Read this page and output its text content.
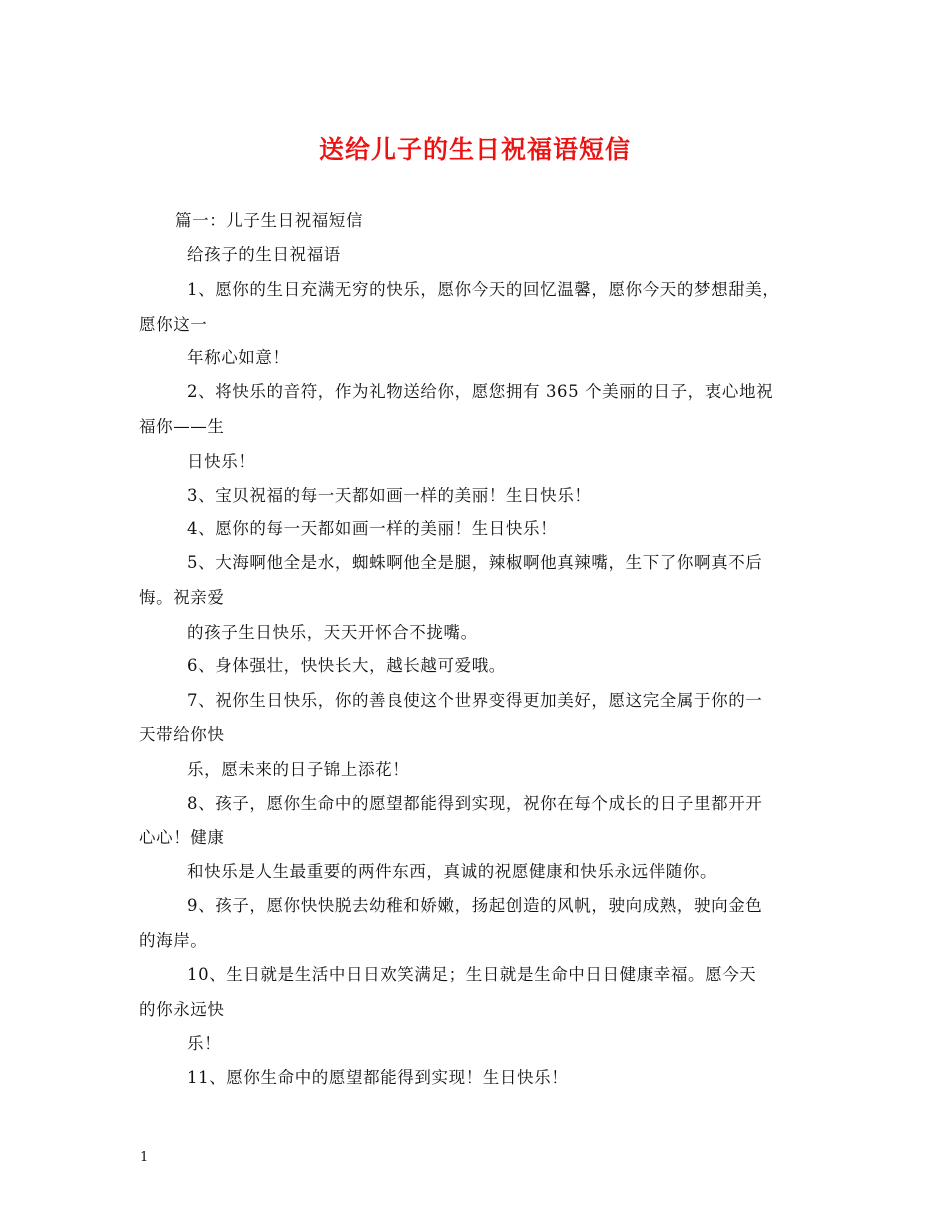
送给儿子的生日祝福语短信
篇一：儿子生日祝福短信
给孩子的生日祝福语
1、愿你的生日充满无穷的快乐，愿你今天的回忆温馨，愿你今天的梦想甜美，
愿你这一
年称心如意！
2、将快乐的音符，作为礼物送给你，愿您拥有 365 个美丽的日子，衷心地祝
福你——生
日快乐！
3、宝贝祝福的每一天都如画一样的美丽！生日快乐！
4、愿你的每一天都如画一样的美丽！生日快乐！
5、大海啊他全是水，蜘蛛啊他全是腿，辣椒啊他真辣嘴，生下了你啊真不后
悔。祝亲爱
的孩子生日快乐，天天开怀合不拢嘴。
6、身体强壮，快快长大，越长越可爱哦。
7、祝你生日快乐，你的善良使这个世界变得更加美好，愿这完全属于你的一
天带给你快
乐，愿未来的日子锦上添花！
8、孩子，愿你生命中的愿望都能得到实现，祝你在每个成长的日子里都开开
心心！健康
和快乐是人生最重要的两件东西，真诚的祝愿健康和快乐永远伴随你。
9、孩子，愿你快快脱去幼稚和娇嫩，扬起创造的风帆，驶向成熟，驶向金色
的海岸。
10、生日就是生活中日日欢笑满足；生日就是生命中日日健康幸福。愿今天
的你永远快
乐！
11、愿你生命中的愿望都能得到实现！生日快乐！
1
